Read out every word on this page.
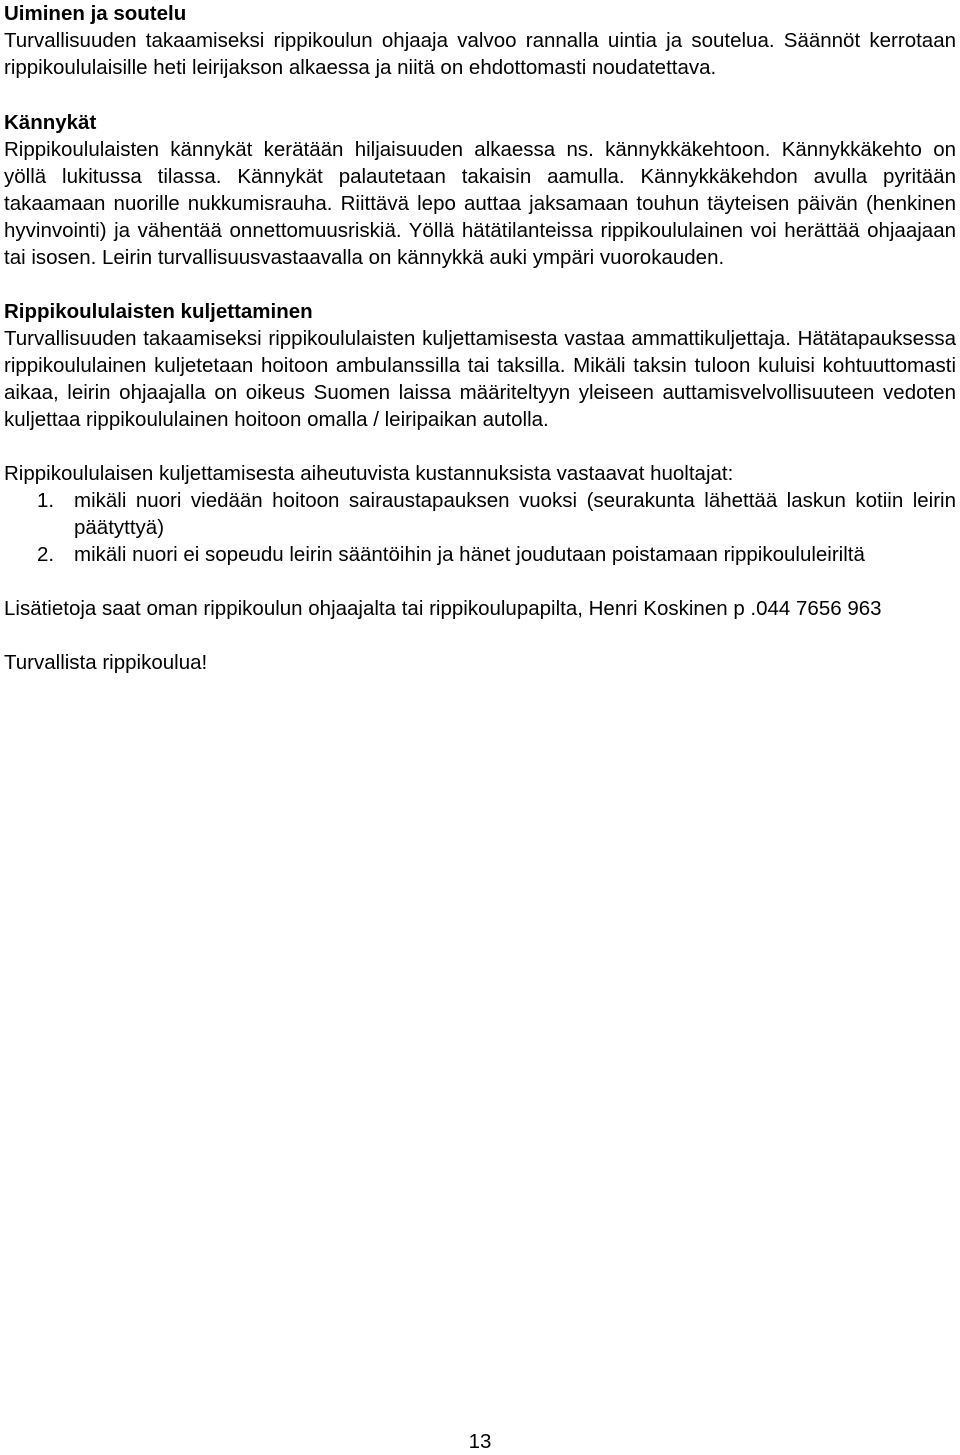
Uiminen ja soutelu

Turvallisuuden takaamiseksi rippikoulun ohjaaja valvoo rannalla uintia ja soutelua. Säännöt kerrotaan rippikoululaisille heti leirijakson alkaessa ja niitä on ehdottomasti noudatettava.

Kännykät

Rippikoululaisten kännykät kerätään hiljaisuuden alkaessa ns. kännykkäkehtoon. Kännykkäkehto on yöllä lukitussa tilassa. Kännykät palautetaan takaisin aamulla. Kännykkäkehdon avulla pyritään takaamaan nuorille nukkumisrauha. Riittävä lepo auttaa jaksamaan touhun täyteisen päivän (henkinen hyvinvointi) ja vähentää onnettomuusriskiä. Yöllä hätätilanteissa rippikoululainen voi herättää ohjaajaan tai isosen. Leirin turvallisuusvastaavalla on kännykkä auki ympäri vuorokauden.

Rippikoululaisten kuljettaminen

Turvallisuuden takaamiseksi rippikoululaisten kuljettamisesta vastaa ammattikuljettaja. Hätätapauksessa rippikoululainen kuljetetaan hoitoon ambulanssilla tai taksilla. Mikäli taksin tuloon kuluisi kohtuuttomasti aikaa, leirin ohjaajalla on oikeus Suomen laissa määriteltyyn yleiseen auttamisvelvollisuuteen vedoten kuljettaa rippikoululainen hoitoon omalla / leiripaikan autolla.

Rippikoululaisen kuljettamisesta aiheutuvista kustannuksista vastaavat huoltajat:

1. mikäli nuori viedään hoitoon sairaustapauksen vuoksi (seurakunta lähettää laskun kotiin leirin päätyttyä)
2. mikäli nuori ei sopeudu leirin sääntöihin ja hänet joudutaan poistamaan rippikoululeiriltä

Lisätietoja saat oman rippikoulun ohjaajalta tai rippikoulupapilta, Henri Koskinen p .044 7656 963

Turvallista rippikoulua!

13
